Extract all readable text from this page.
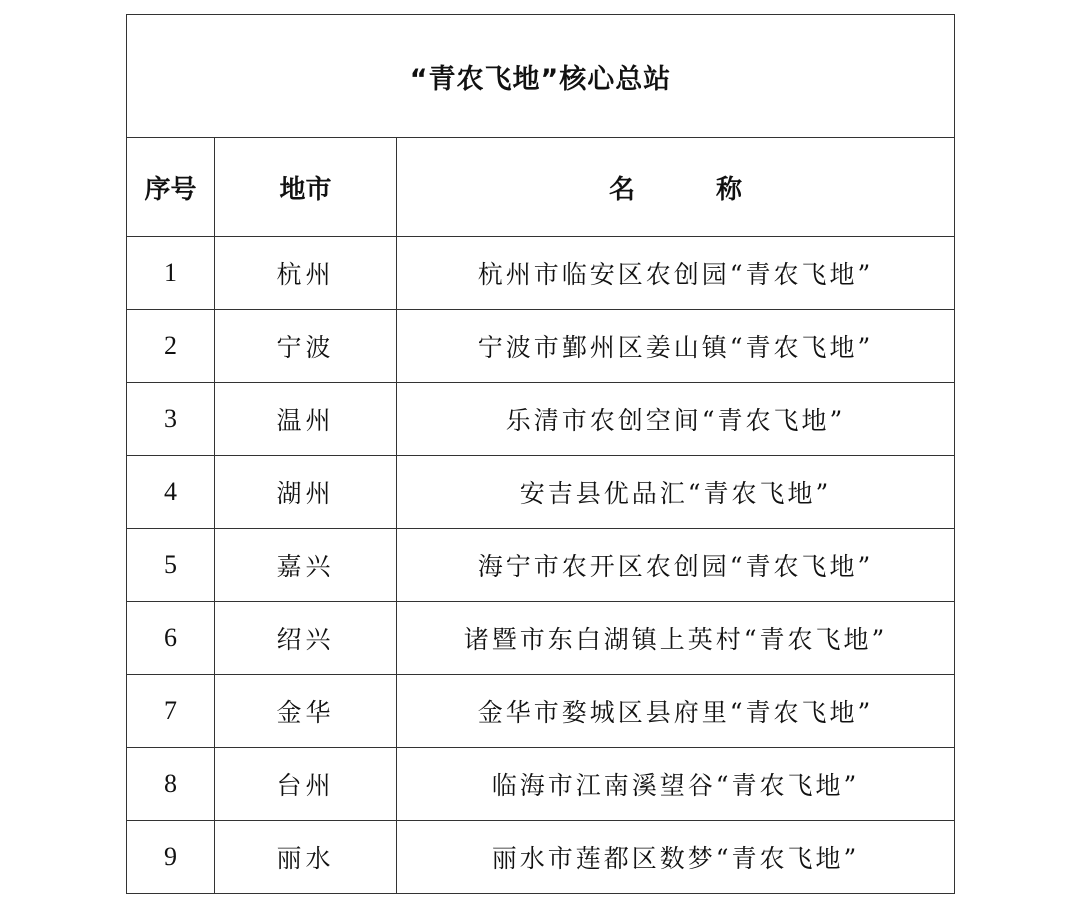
“青农飞地”核心总站		
序号	地市	名 称
1	杭州	杭州市临安区农创园“青农飞地”
2	宁波	宁波市鄞州区姜山镇“青农飞地”
3	温州	乐清市农创空间“青农飞地”
4	湖州	安吉县优品汇“青农飞地”
5	嘉兴	海宁市农开区农创园“青农飞地”
6	绍兴	诸暨市东白湖镇上英村“青农飞地”
7	金华	金华市婺城区县府里“青农飞地”
8	台州	临海市江南溪望谷“青农飞地”
9	丽水	丽水市莲都区数梦“青农飞地”
